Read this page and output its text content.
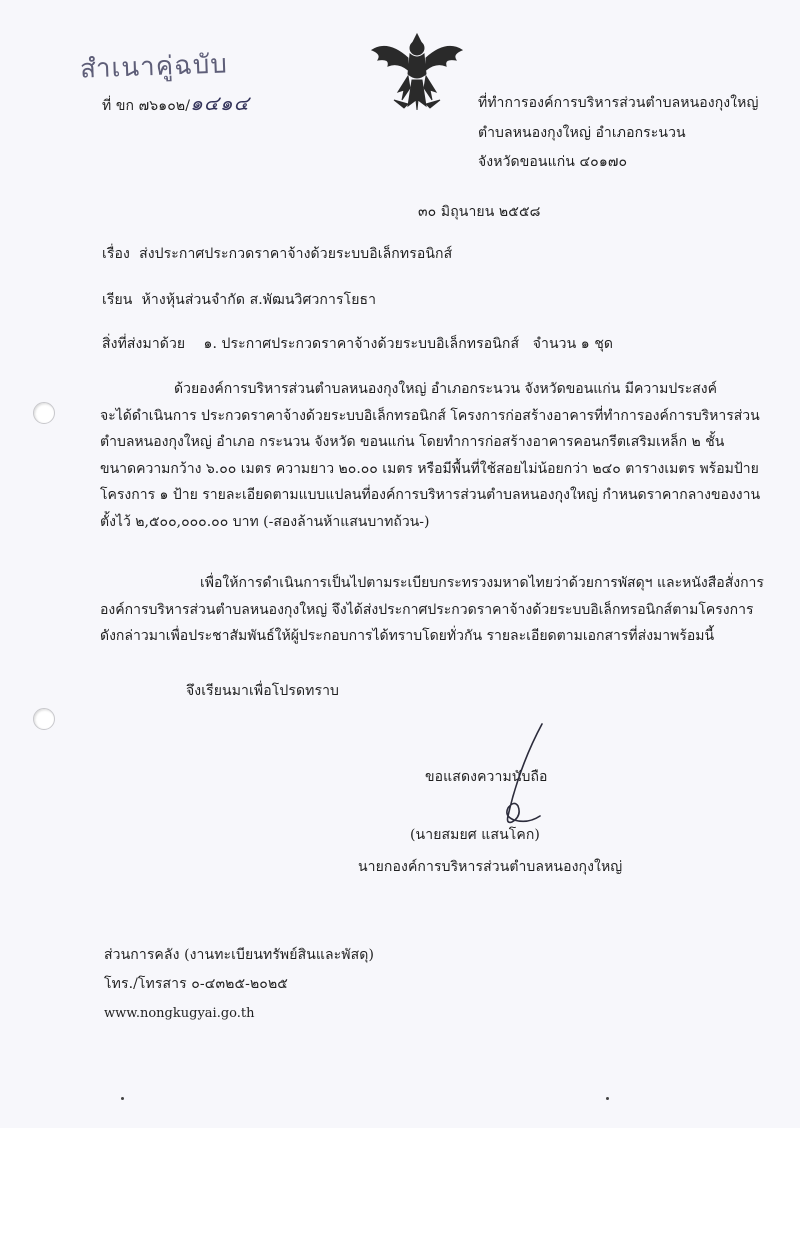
สำเนาคู่ฉบับ
ที่ ขก ๗๖๑๐๒/๑๔๑๔	ที่ทำการองค์การบริหารส่วนตำบลหนองกุงใหญ่
ตำบลหนองกุงใหญ่ อำเภอกระนวน
จังหวัดขอนแก่น ๔๐๑๗๐
๓๐ มิถุนายน ๒๕๕๘
เรื่อง ส่งประกาศประกวดราคาจ้างด้วยระบบอิเล็กทรอนิกส์
เรียน ห้างหุ้นส่วนจำกัด ส.พัฒนวิศวการโยธา
สิ่งที่ส่งมาด้วย ๑. ประกาศประกวดราคาจ้างด้วยระบบอิเล็กทรอนิกส์ จำนวน ๑ ชุด
ด้วยองค์การบริหารส่วนตำบลหนองกุงใหญ่ อำเภอกระนวน จังหวัดขอนแก่น มีความประสงค์
จะได้ดำเนินการ ประกวดราคาจ้างด้วยระบบอิเล็กทรอนิกส์ โครงการก่อสร้างอาคารที่ทำการองค์การบริหารส่วน
ตำบลหนองกุงใหญ่ อำเภอ กระนวน จังหวัด ขอนแก่น โดยทำการก่อสร้างอาคารคอนกรีตเสริมเหล็ก ๒ ชั้น
ขนาดความกว้าง ๖.๐๐ เมตร ความยาว ๒๐.๐๐ เมตร หรือมีพื้นที่ใช้สอยไม่น้อยกว่า ๒๔๐ ตารางเมตร พร้อมป้าย
โครงการ ๑ ป้าย รายละเอียดตามแบบแปลนที่องค์การบริหารส่วนตำบลหนองกุงใหญ่ กำหนดราคากลางของงาน
ตั้งไว้ ๒,๕๐๐,๐๐๐.๐๐ บาท (-สองล้านห้าแสนบาทถ้วน-)
เพื่อให้การดำเนินการเป็นไปตามระเบียบกระทรวงมหาดไทยว่าด้วยการพัสดุฯ และหนังสือสั่งการ
องค์การบริหารส่วนตำบลหนองกุงใหญ่ จึงได้ส่งประกาศประกวดราคาจ้างด้วยระบบอิเล็กทรอนิกส์ตามโครงการ
ดังกล่าวมาเพื่อประชาสัมพันธ์ให้ผู้ประกอบการได้ทราบโดยทั่วกัน รายละเอียดตามเอกสารที่ส่งมาพร้อมนี้
จึงเรียนมาเพื่อโปรดทราบ
ขอแสดงความนับถือ
(นายสมยศ แสนโคก)
นายกองค์การบริหารส่วนตำบลหนองกุงใหญ่
ส่วนการคลัง (งานทะเบียนทรัพย์สินและพัสดุ)
โทร./โทรสาร ๐-๔๓๒๕-๒๐๒๕
www.nongkugyai.go.th
